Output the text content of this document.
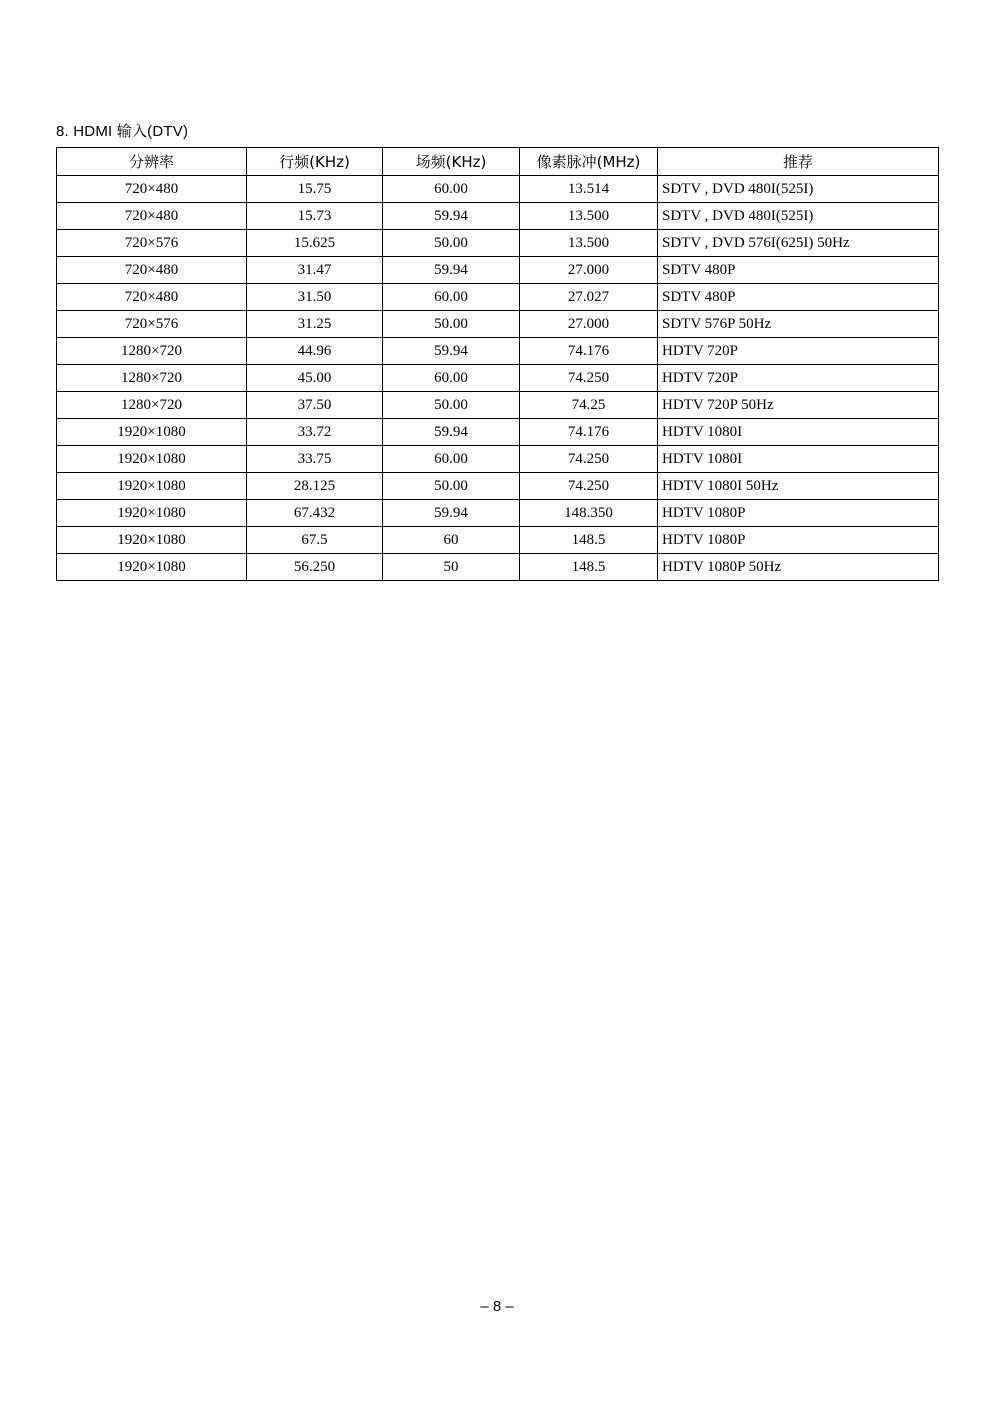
8. HDMI 输入(DTV)
分辨率	行频(KHz)	场频(KHz)	像素脉冲(MHz)	推荐
720×480	15.75	60.00	13.514	SDTV , DVD 480I(525I)
720×480	15.73	59.94	13.500	SDTV , DVD 480I(525I)
720×576	15.625	50.00	13.500	SDTV , DVD 576I(625I) 50Hz
720×480	31.47	59.94	27.000	SDTV 480P
720×480	31.50	60.00	27.027	SDTV 480P
720×576	31.25	50.00	27.000	SDTV 576P 50Hz
1280×720	44.96	59.94	74.176	HDTV 720P
1280×720	45.00	60.00	74.250	HDTV 720P
1280×720	37.50	50.00	74.25	HDTV 720P 50Hz
1920×1080	33.72	59.94	74.176	HDTV 1080I
1920×1080	33.75	60.00	74.250	HDTV 1080I
1920×1080	28.125	50.00	74.250	HDTV 1080I 50Hz
1920×1080	67.432	59.94	148.350	HDTV 1080P
1920×1080	67.5	60	148.5	HDTV 1080P
1920×1080	56.250	50	148.5	HDTV 1080P 50Hz
– 8 –
